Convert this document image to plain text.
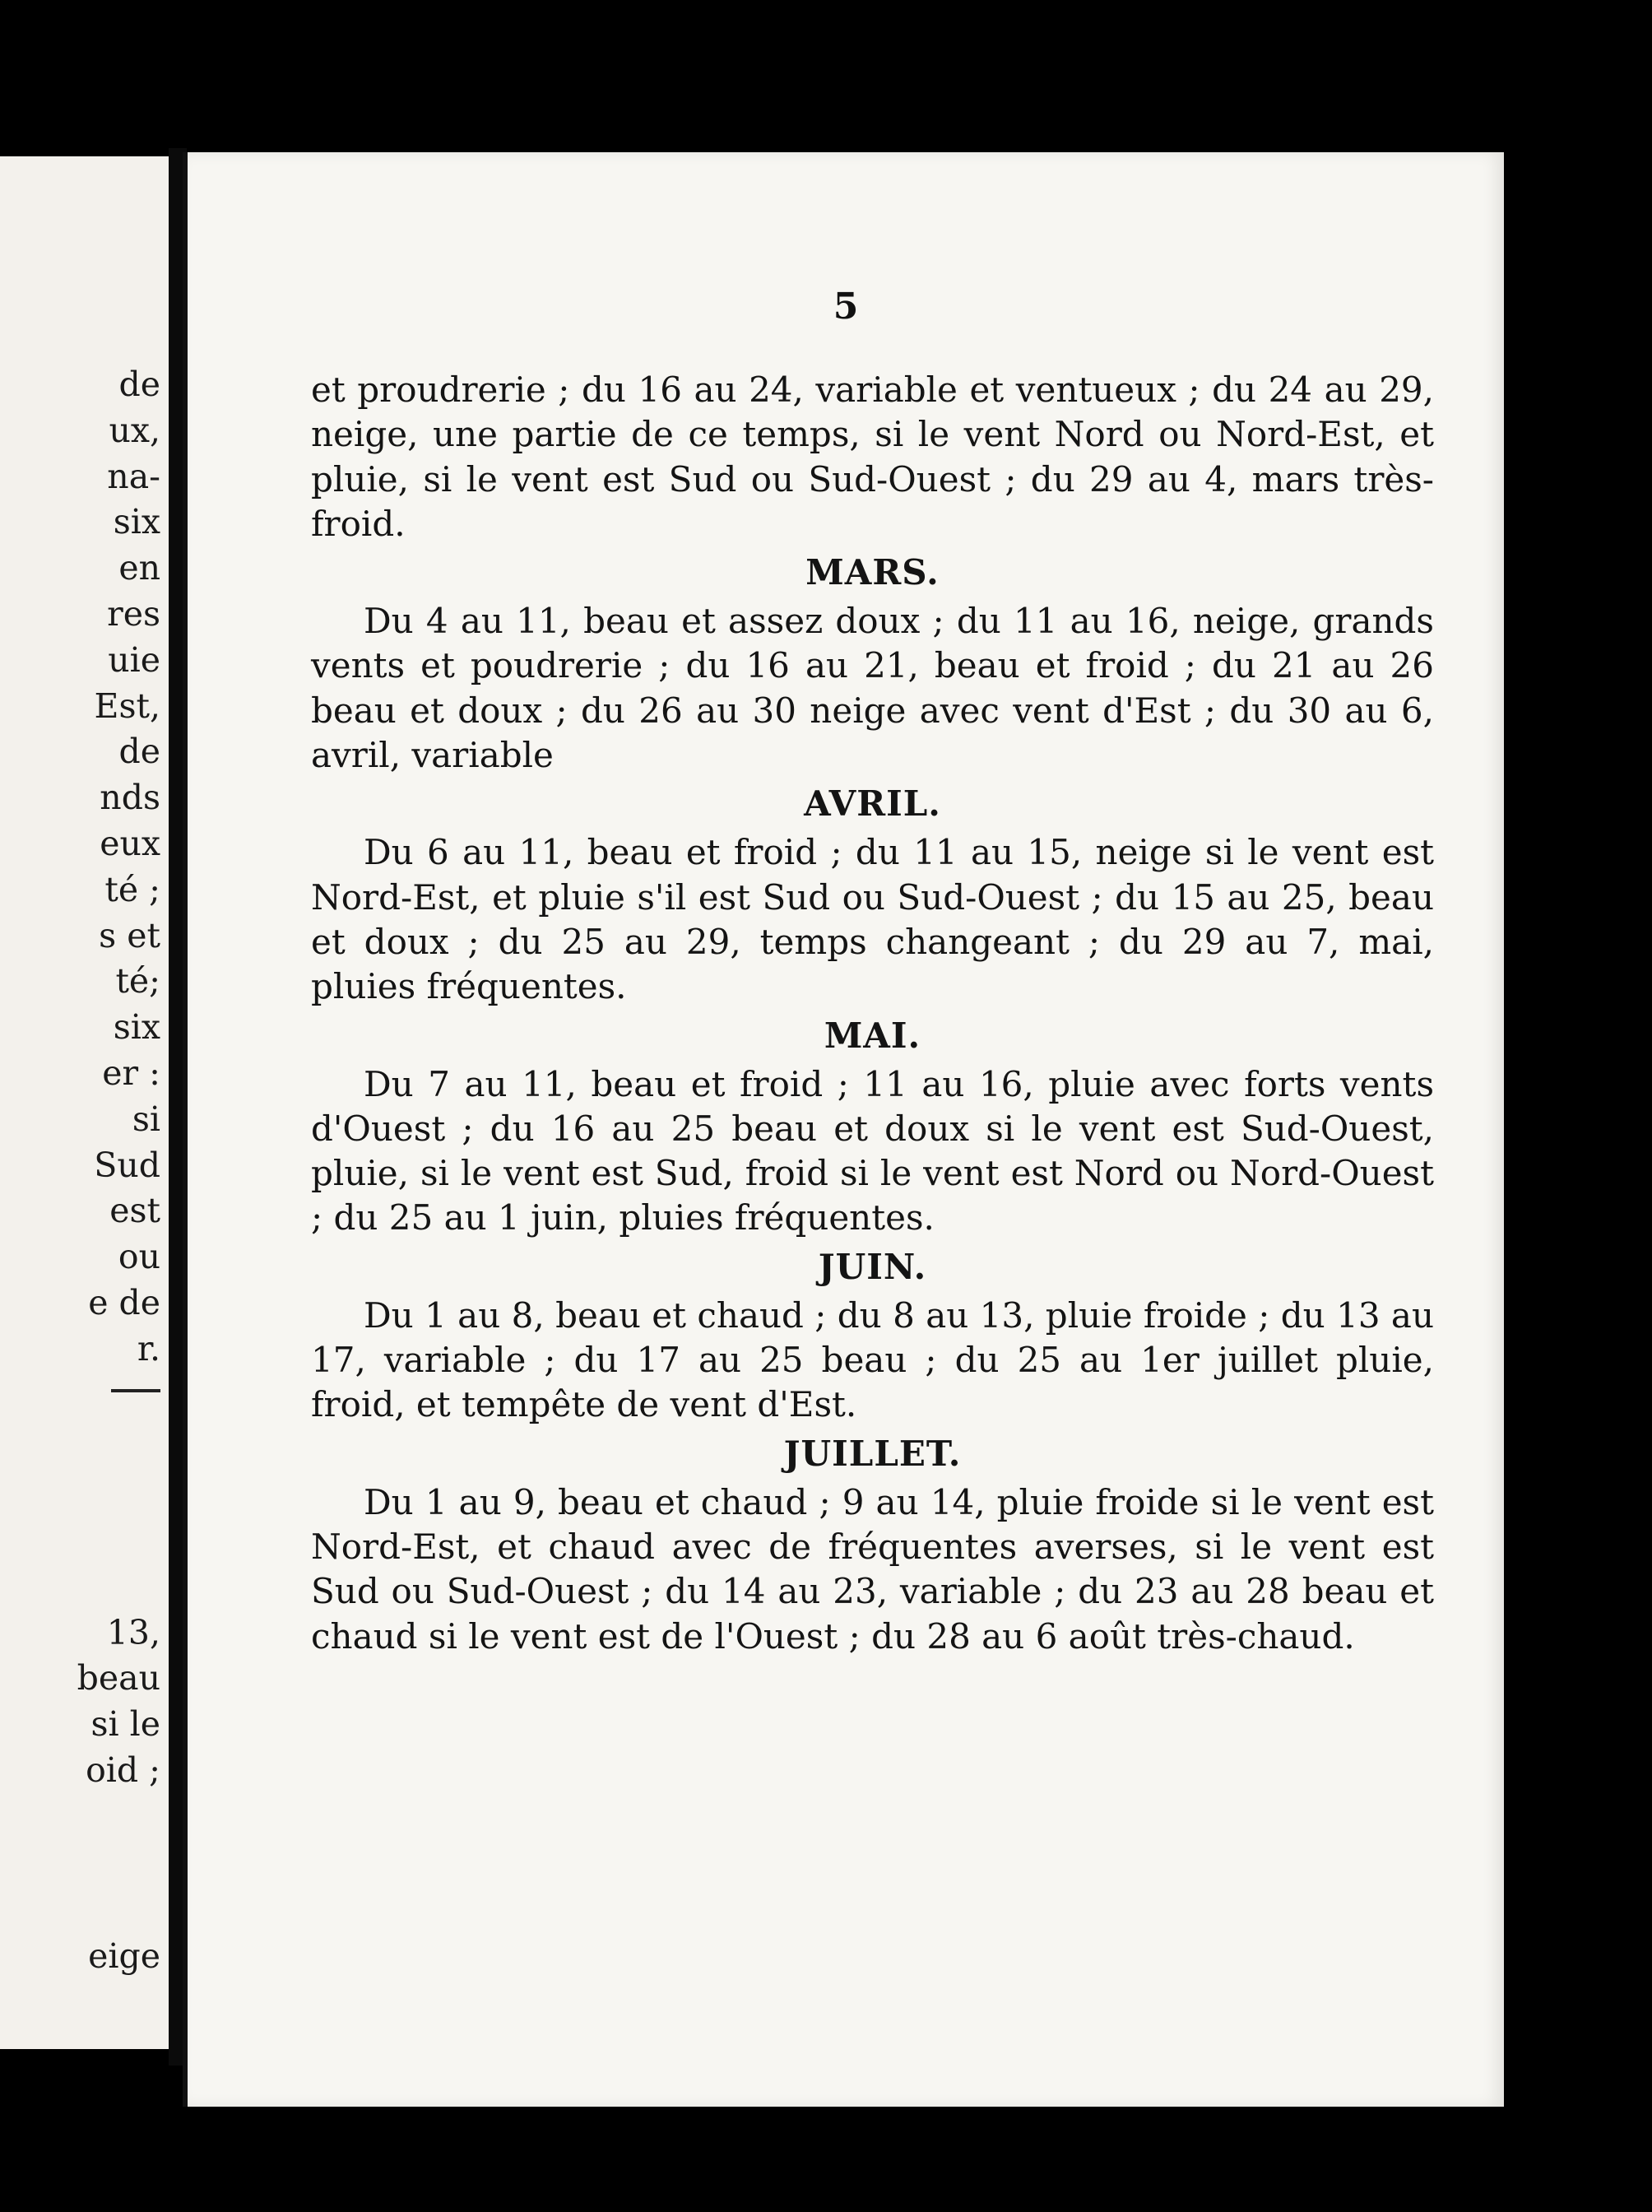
de
ux,
na-
six
en
res
uie
Est,
de
nds
eux
té ;
s et
té;
six
er :
si
Sud
est
ou
e de
r.
13,
beau
si le
oid ;
eige
5

et proudrerie ; du 16 au 24, variable et ventueux ; du 24 au 29, neige, une partie de ce temps, si le vent Nord ou Nord-Est, et pluie, si le vent est Sud ou Sud-Ouest ; du 29 au 4, mars très-froid.

MARS.

Du 4 au 11, beau et assez doux ; du 11 au 16, neige, grands vents et poudrerie ; du 16 au 21, beau et froid ; du 21 au 26 beau et doux ; du 26 au 30 neige avec vent d'Est ; du 30 au 6, avril, variable

AVRIL.

Du 6 au 11, beau et froid ; du 11 au 15, neige si le vent est Nord-Est, et pluie s'il est Sud ou Sud-Ouest ; du 15 au 25, beau et doux ; du 25 au 29, temps changeant ; du 29 au 7, mai, pluies fréquentes.

MAI.

Du 7 au 11, beau et froid ; 11 au 16, pluie avec forts vents d'Ouest ; du 16 au 25 beau et doux si le vent est Sud-Ouest, pluie, si le vent est Sud, froid si le vent est Nord ou Nord-Ouest ; du 25 au 1 juin, pluies fréquentes.

JUIN.

Du 1 au 8, beau et chaud ; du 8 au 13, pluie froide ; du 13 au 17, variable ; du 17 au 25 beau ; du 25 au 1er juillet pluie, froid, et tempête de vent d'Est.

JUILLET.

Du 1 au 9, beau et chaud ; 9 au 14, pluie froide si le vent est Nord-Est, et chaud avec de fréquentes averses, si le vent est Sud ou Sud-Ouest ; du 14 au 23, variable ; du 23 au 28 beau et chaud si le vent est de l'Ouest ; du 28 au 6 août très-chaud.
